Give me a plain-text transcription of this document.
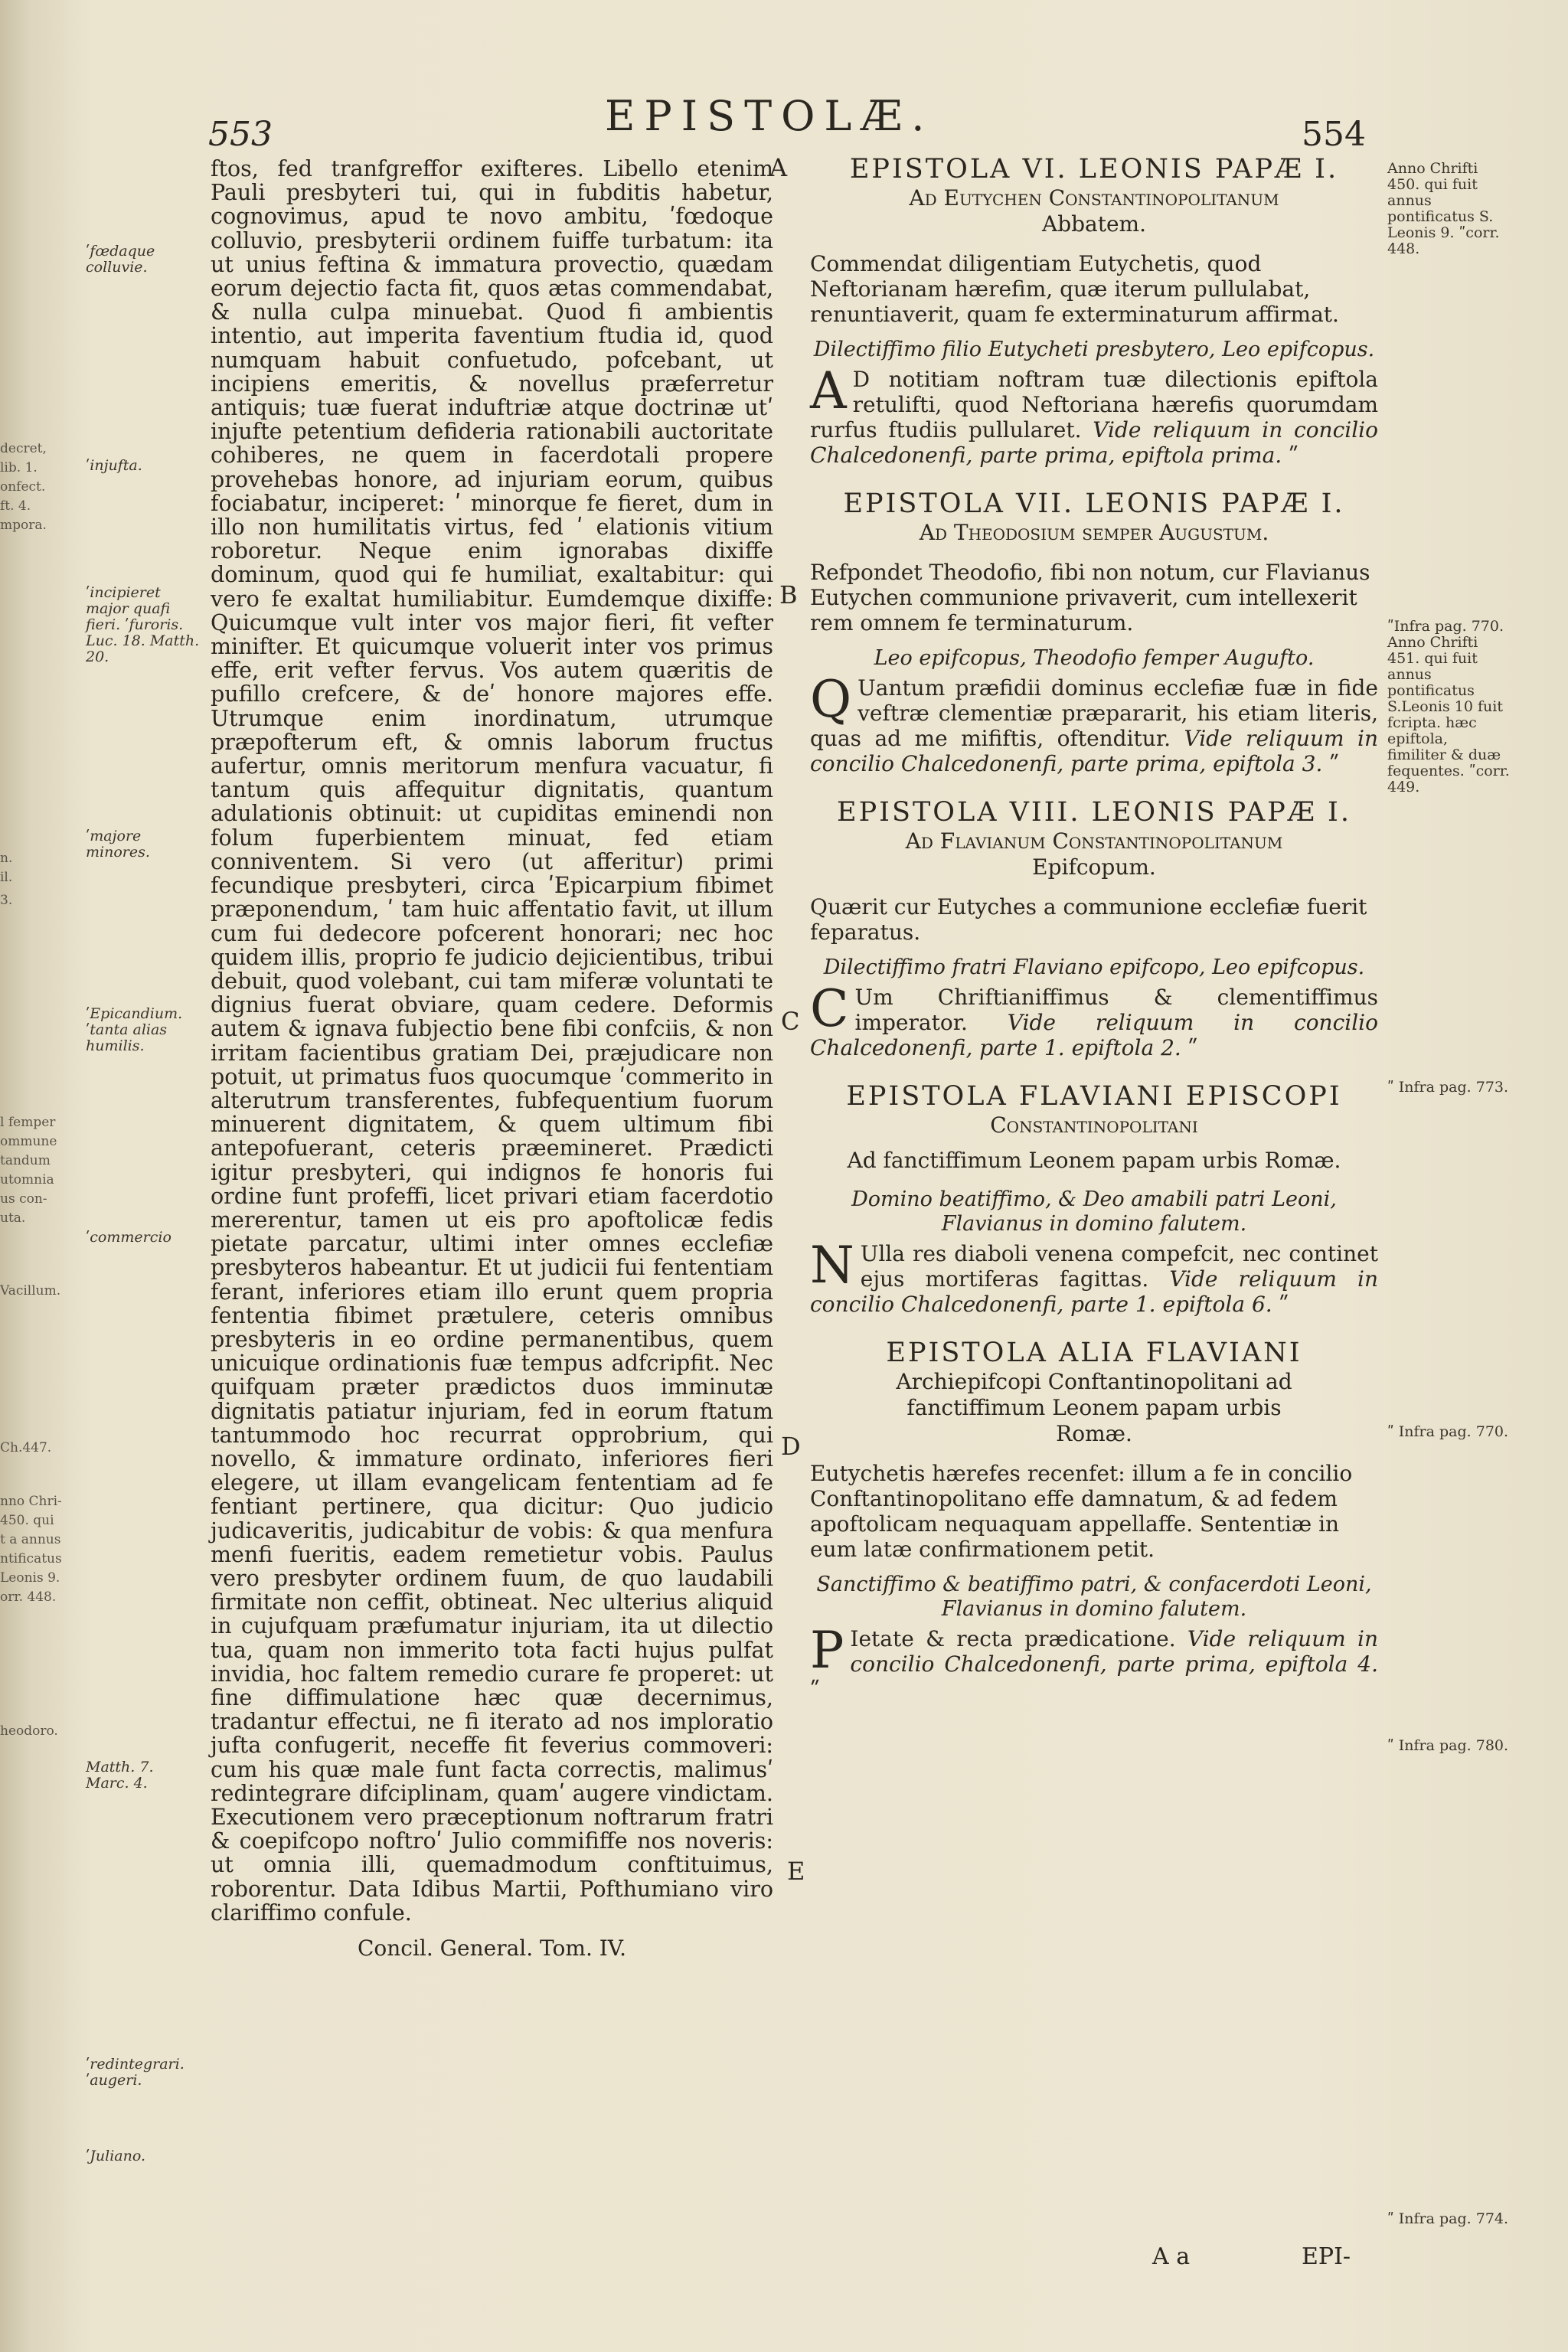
decret,
lib. 1.
onfect.
ft. 4.
mpora.
n.
il.
3.
l femper
ommune
tandum
utomnia
us con-
uta.
Vacillum.
Ch.447.
nno Chri-
450. qui
t a annus
ntificatus
Leonis 9.
orr. 448.
heodoro.
553	EPISTOLÆ.	554

ftos, fed tranfgreffor exifteres. Libello etenim Pauli presbyteri tui, qui in fubditis habetur, cognovimus, apud te novo ambitu, ʹfœdoque colluvio, presbyterii ordinem fuiffe turbatum: ita ut unius feftina & immatura provectio, quædam eorum dejectio facta fit, quos ætas commendabat, & nulla culpa minuebat. Quod fi ambientis intentio, aut imperita faventium ftudia id, quod numquam habuit confuetudo, pofcebant, ut incipiens emeritis, & novellus præferretur antiquis; tuæ fuerat induftriæ atque doctrinæ utʹ injufte petentium defideria rationabili auctoritate cohiberes, ne quem in facerdotali propere provehebas honore, ad injuriam eorum, quibus fociabatur, inciperet: ʹ minorque fe fieret, dum in illo non humilitatis virtus, fed ʹ elationis vitium roboretur. Neque enim ignorabas dixiffe dominum, quod qui fe humiliat, exaltabitur: qui vero fe exaltat humiliabitur. Eumdemque dixiffe: Quicumque vult inter vos major fieri, fit vefter minifter. Et quicumque voluerit inter vos primus effe, erit vefter fervus. Vos autem quæritis de pufillo crefcere, & deʹ honore majores effe. Utrumque enim inordinatum, utrumque præpofterum eft, & omnis laborum fructus aufertur, omnis meritorum menfura vacuatur, fi tantum quis affequitur dignitatis, quantum adulationis obtinuit: ut cupiditas eminendi non folum fuperbientem minuat, fed etiam conniventem. Si vero (ut afferitur) primi fecundique presbyteri, circa ʹEpicarpium fibimet præponendum, ʹ tam huic affentatio favit, ut illum cum fui dedecore pofcerent honorari; nec hoc quidem illis, proprio fe judicio dejicientibus, tribui debuit, quod volebant, cui tam miferæ voluntati te dignius fuerat obviare, quam cedere. Deformis autem & ignava fubjectio bene fibi confciis, & non irritam facientibus gratiam Dei, præjudicare non potuit, ut primatus fuos quocumque ʹcommerito in alterutrum transferentes, fubfequentium fuorum minuerent dignitatem, & quem ultimum fibi antepofuerant, ceteris præemineret. Prædicti igitur presbyteri, qui indignos fe honoris fui ordine funt profeffi, licet privari etiam facerdotio mererentur, tamen ut eis pro apoftolicæ fedis pietate parcatur, ultimi inter omnes ecclefiæ presbyteros habeantur. Et ut judicii fui fententiam ferant, inferiores etiam illo erunt quem propria fententia fibimet prætulere, ceteris omnibus presbyteris in eo ordine permanentibus, quem unicuique ordinationis fuæ tempus adfcripfit. Nec quifquam præter prædictos duos imminutæ dignitatis patiatur injuriam, fed in eorum ftatum tantummodo hoc recurrat opprobrium, qui novello, & immature ordinato, inferiores fieri elegere, ut illam evangelicam fententiam ad fe fentiant pertinere, qua dicitur: Quo judicio judicaveritis, judicabitur de vobis: & qua menfura menfi fueritis, eadem remetietur vobis. Paulus vero presbyter ordinem fuum, de quo laudabili firmitate non ceffit, obtineat. Nec ulterius aliquid in cujufquam præfumatur injuriam, ita ut dilectio tua, quam non immerito tota facti hujus pulfat invidia, hoc faltem remedio curare fe properet: ut fine diffimulatione hæc quæ decernimus, tradantur effectui, ne fi iterato ad nos imploratio jufta confugerit, neceffe fit feverius commoveri: cum his quæ male funt facta correctis, malimusʹ redintegrare difciplinam, quamʹ augere vindictam. Executionem vero præceptionum noftrarum fratri & coepifcopo noftroʹ Julio commififfe nos noveris: ut omnia illi, quemadmodum conftituimus, roborentur. Data Idibus Martii, Pofthumiano viro clariffimo confule.

Concil. General. Tom. IV.
ʹfœdaque colluvie.
ʹinjufta.
ʹincipieret major quafi fieri. ʹfuroris. Luc. 18. Matth. 20.
ʹmajore minores.
ʹEpicandium. ʹtanta alias humilis.
ʹcommercio
Matth. 7. Marc. 4.
ʹredintegrari. ʹaugeri.
ʹJuliano.
A
B
C
D
E

EPISTOLA VI. LEONIS PAPÆ I.

Ad Eutychen Constantinopolitanum

Abbatem.

Commendat diligentiam Eutychetis, quod Neftorianam hærefim, quæ iterum pullulabat, renuntiaverit, quam fe exterminaturum affirmat.

Dilectiffimo filio Eutycheti presbytero, Leo epifcopus.

A D notitiam noftram tuæ dilectionis epiftola retulifti, quod Neftoriana hærefis quorumdam rurfus ftudiis pullularet. Vide reliquum in concilio Chalcedonenfi, parte prima, epiftola prima. ʺ

EPISTOLA VII. LEONIS PAPÆ I.

Ad Theodosium semper Augustum.

Refpondet Theodofio, fibi non notum, cur Flavianus Eutychen communione privaverit, cum intellexerit rem omnem fe terminaturum.

Leo epifcopus, Theodofio femper Augufto.

Q Uantum præfidii dominus ecclefiæ fuæ in fide veftræ clementiæ præpararit, his etiam literis, quas ad me mififtis, oftenditur. Vide reliquum in concilio Chalcedonenfi, parte prima, epiftola 3. ʺ

EPISTOLA VIII. LEONIS PAPÆ I.

Ad Flavianum Constantinopolitanum

Epifcopum.

Quærit cur Eutyches a communione ecclefiæ fuerit feparatus.

Dilectiffimo fratri Flaviano epifcopo, Leo epifcopus.

C Um Chriftianiffimus & clementiffimus imperator. Vide reliquum in concilio Chalcedonenfi, parte 1. epiftola 2. ʺ

EPISTOLA FLAVIANI EPISCOPI

Constantinopolitani

Ad fanctiffimum Leonem papam urbis Romæ.

Domino beatiffimo, & Deo amabili patri Leoni, Flavianus in domino falutem.

N Ulla res diaboli venena compefcit, nec continet ejus mortiferas fagittas. Vide reliquum in concilio Chalcedonenfi, parte 1. epiftola 6. ʺ

EPISTOLA ALIA FLAVIANI

Archiepifcopi Conftantinopolitani ad fanctiffimum Leonem papam urbis Romæ.

Eutychetis hærefes recenfet: illum a fe in concilio Conftantinopolitano effe damnatum, & ad fedem apoftolicam nequaquam appellaffe. Sententiæ in eum latæ confirmationem petit.

Sanctiffimo & beatiffimo patri, & confacerdoti Leoni, Flavianus in domino falutem.

P Ietate & recta prædicatione. Vide reliquum in concilio Chalcedonenfi, parte prima, epiftola 4. ʺ

Anno Chrifti 450. qui fuit annus pontificatus S. Leonis 9. ʺcorr. 448.
ʺInfra pag. 770. Anno Chrifti 451. qui fuit annus pontificatus S.Leonis 10 fuit fcripta. hæc epiftola, fimiliter & duæ fequentes. ʺcorr. 449.
ʺ Infra pag. 773.
ʺ Infra pag. 770.
ʺ Infra pag. 780.
ʺ Infra pag. 774.
A a	EPI-
